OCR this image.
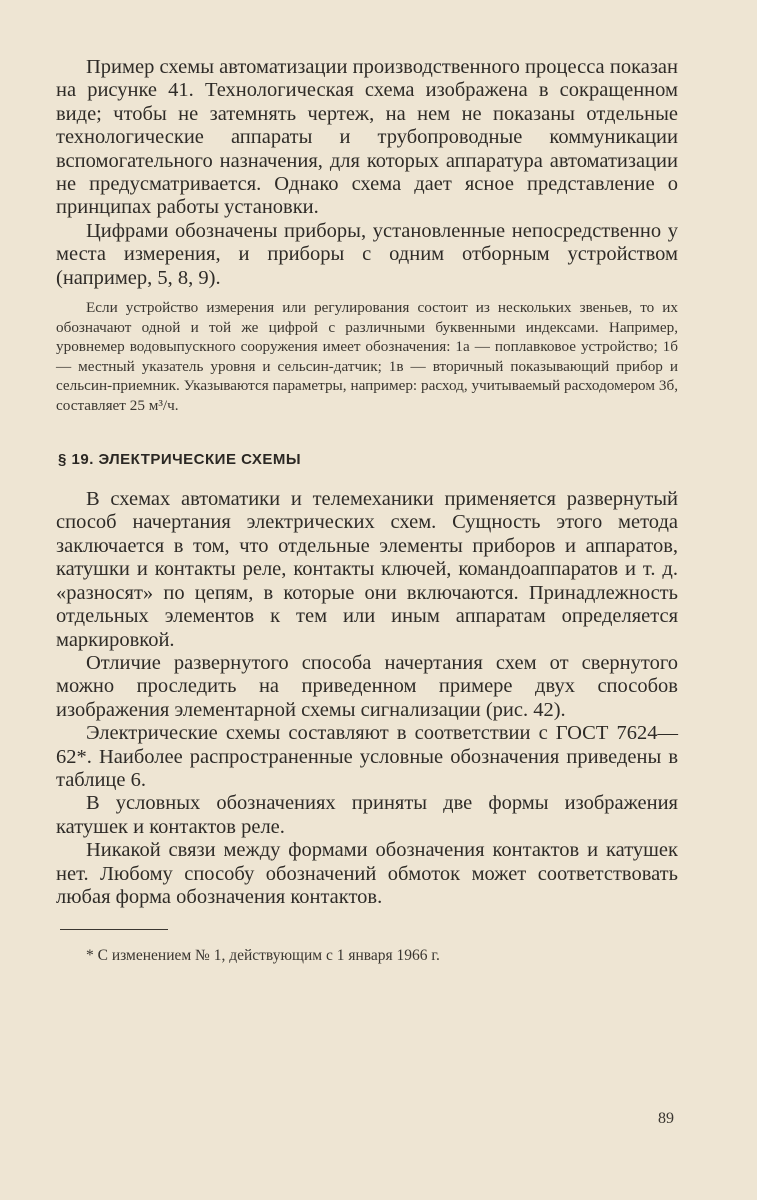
Пример схемы автоматизации производственного процесса показан на рисунке 41. Технологическая схема изображена в сокращенном виде; чтобы не затемнять чертеж, на нем не показаны отдельные технологические аппараты и трубопроводные коммуникации вспомогательного назначения, для которых аппаратура автоматизации не предусматривается. Однако схема дает ясное представление о принципах работы установки.

Цифрами обозначены приборы, установленные непосредственно у места измерения, и приборы с одним отборным устройством (например, 5, 8, 9).

Если устройство измерения или регулирования состоит из нескольких звеньев, то их обозначают одной и той же цифрой с различными буквенными индексами. Например, уровнемер водовыпускного сооружения имеет обозначения: 1а — поплавковое устройство; 1б — местный указатель уровня и сельсин-датчик; 1в — вторичный показывающий прибор и сельсин-приемник. Указываются параметры, например: расход, учитываемый расходомером 3б, составляет 25 м³/ч.

§ 19. ЭЛЕКТРИЧЕСКИЕ СХЕМЫ

В схемах автоматики и телемеханики применяется развернутый способ начертания электрических схем. Сущность этого метода заключается в том, что отдельные элементы приборов и аппаратов, катушки и контакты реле, контакты ключей, командоаппаратов и т. д. «разносят» по цепям, в которые они включаются. Принадлежность отдельных элементов к тем или иным аппаратам определяется маркировкой.

Отличие развернутого способа начертания схем от свернутого можно проследить на приведенном примере двух способов изображения элементарной схемы сигнализации (рис. 42).

Электрические схемы составляют в соответствии с ГОСТ 7624—62*. Наиболее распространенные условные обозначения приведены в таблице 6.

В условных обозначениях приняты две формы изображения катушек и контактов реле.

Никакой связи между формами обозначения контактов и катушек нет. Любому способу обозначений обмоток может соответствовать любая форма обозначения контактов.

* С изменением № 1, действующим с 1 января 1966 г.

89
